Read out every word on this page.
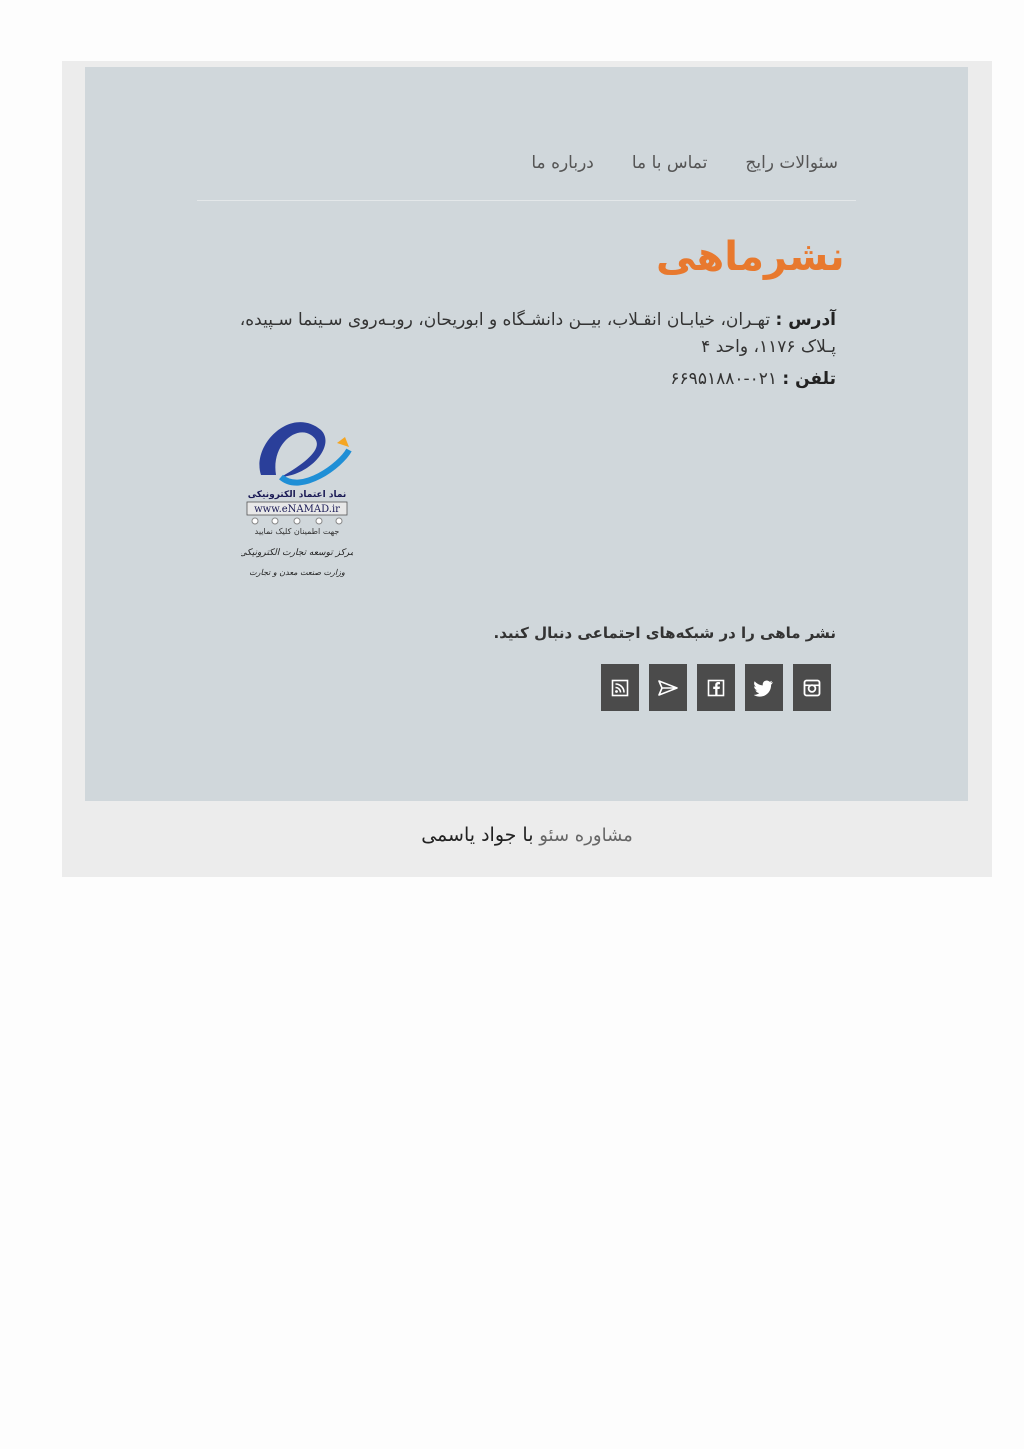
سئوالات رایج
تماس با ما
درباره ما
نشرماهی

آدرس : تهـران، خیابـان انقـلاب، بیــن دانشـگاه و ابوریحان، روبـه‌روی سـینما سـپیده، پـلاک ۱۱۷۶، واحد ۴

تلفن : ۰۲۱-۶۶۹۵۱۸۸۰

نماد اعتماد الکترونیکی
www.eNAMAD.ir
جهت اطمینان کلیک نمایید
مرکز توسعه تجارت الکترونیکی
وزارت صنعت معدن و تجارت

نشر ماهی را در شبکه‌های اجتماعی دنبال کنید.

مشاوره سئو با جواد یاسمی
